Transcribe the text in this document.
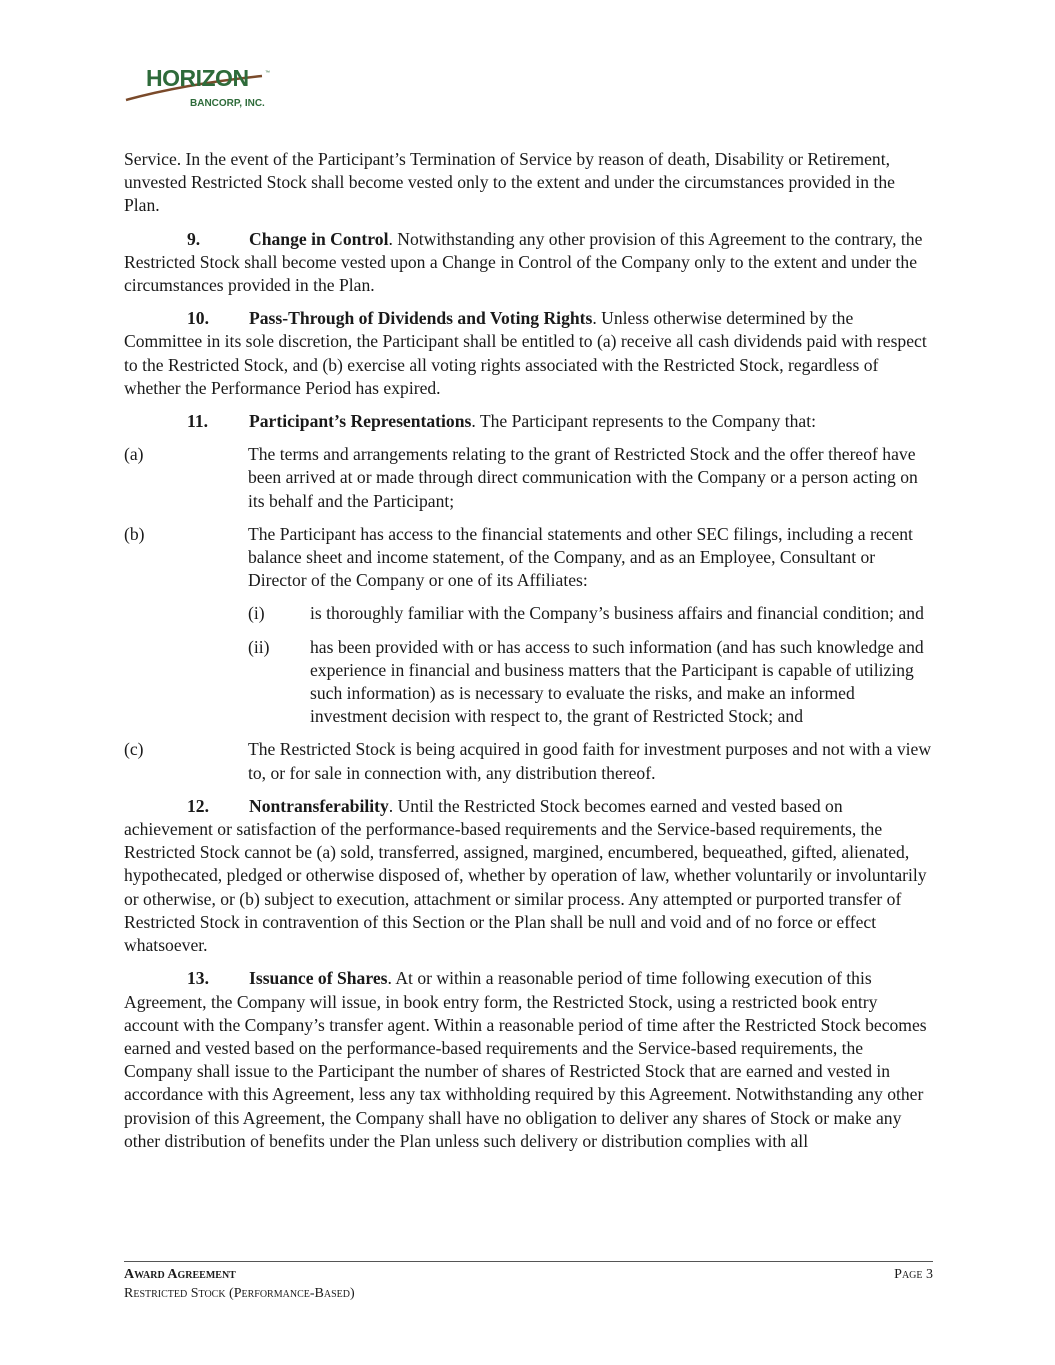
HORIZON	™
BANCORP, INC.

Service. In the event of the Participant’s Termination of Service by reason of death, Disability or Retirement, unvested Restricted Stock shall become vested only to the extent and under the circumstances provided in the Plan.

9.	Change in Control. Notwithstanding any other provision of this Agreement to the contrary, the Restricted Stock shall become vested upon a Change in Control of the Company only to the extent and under the circumstances provided in the Plan.

10. Pass-Through of Dividends and Voting Rights. Unless otherwise determined by the Committee in its sole discretion, the Participant shall be entitled to (a) receive all cash dividends paid with respect to the Restricted Stock, and (b) exercise all voting rights associated with the Restricted Stock, regardless of whether the Performance Period has expired.

11. Participant’s Representations. The Participant represents to the Company that:

(a)	The terms and arrangements relating to the grant of Restricted Stock and the offer thereof have been arrived at or made through direct communication with the Company or a person acting on its behalf and the Participant;
(b)	The Participant has access to the financial statements and other SEC filings, including a recent balance sheet and income statement, of the Company, and as an Employee, Consultant or Director of the Company or one of its Affiliates:
(i)	is thoroughly familiar with the Company’s business affairs and financial condition; and
(ii)	has been provided with or has access to such information (and has such knowledge and experience in financial and business matters that the Participant is capable of utilizing such information) as is necessary to evaluate the risks, and make an informed investment decision with respect to, the grant of Restricted Stock; and
(c)	The Restricted Stock is being acquired in good faith for investment purposes and not with a view to, or for sale in connection with, any distribution thereof.

12. Nontransferability. Until the Restricted Stock becomes earned and vested based on achievement or satisfaction of the performance-based requirements and the Service-based requirements, the Restricted Stock cannot be (a) sold, transferred, assigned, margined, encumbered, bequeathed, gifted, alienated, hypothecated, pledged or otherwise disposed of, whether by operation of law, whether voluntarily or involuntarily or otherwise, or (b) subject to execution, attachment or similar process. Any attempted or purported transfer of Restricted Stock in contravention of this Section or the Plan shall be null and void and of no force or effect whatsoever.

13. Issuance of Shares. At or within a reasonable period of time following execution of this Agreement, the Company will issue, in book entry form, the Restricted Stock, using a restricted book entry account with the Company’s transfer agent. Within a reasonable period of time after the Restricted Stock becomes earned and vested based on the performance-based requirements and the Service-based requirements, the Company shall issue to the Participant the number of shares of Restricted Stock that are earned and vested in accordance with this Agreement, less any tax withholding required by this Agreement. Notwithstanding any other provision of this Agreement, the Company shall have no obligation to deliver any shares of Stock or make any other distribution of benefits under the Plan unless such delivery or distribution complies with all

Award Agreement	Page 3
Restricted Stock (Performance-Based)
